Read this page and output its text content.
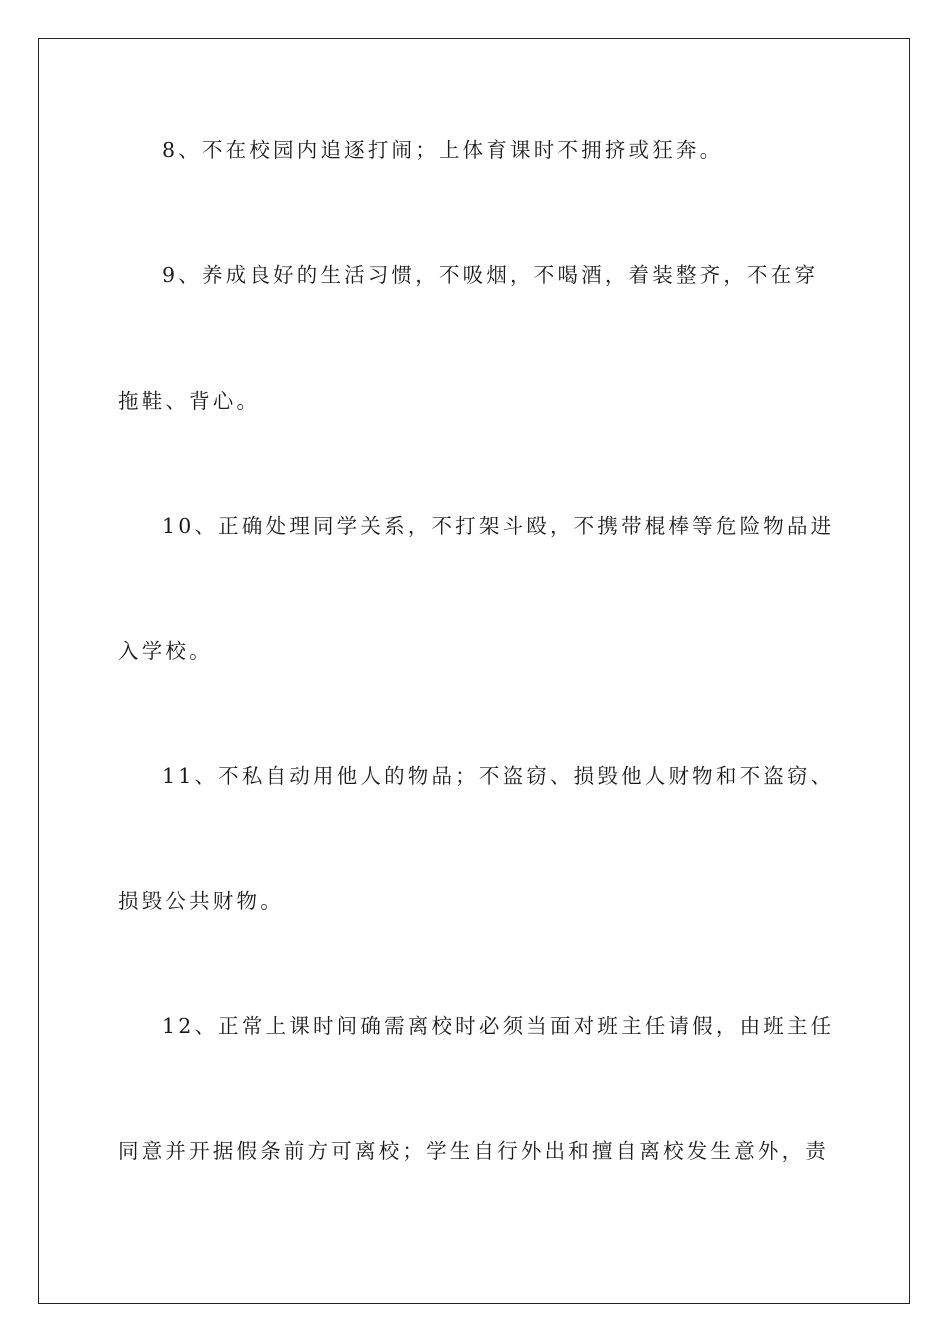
8、不在校园内追逐打闹；上体育课时不拥挤或狂奔。
9、养成良好的生活习惯，不吸烟，不喝酒，着装整齐，不在穿
拖鞋、背心。
10、正确处理同学关系，不打架斗殴，不携带棍棒等危险物品进
入学校。
11、不私自动用他人的物品；不盗窃、损毁他人财物和不盗窃、
损毁公共财物。
12、正常上课时间确需离校时必须当面对班主任请假，由班主任
同意并开据假条前方可离校；学生自行外出和擅自离校发生意外，责
